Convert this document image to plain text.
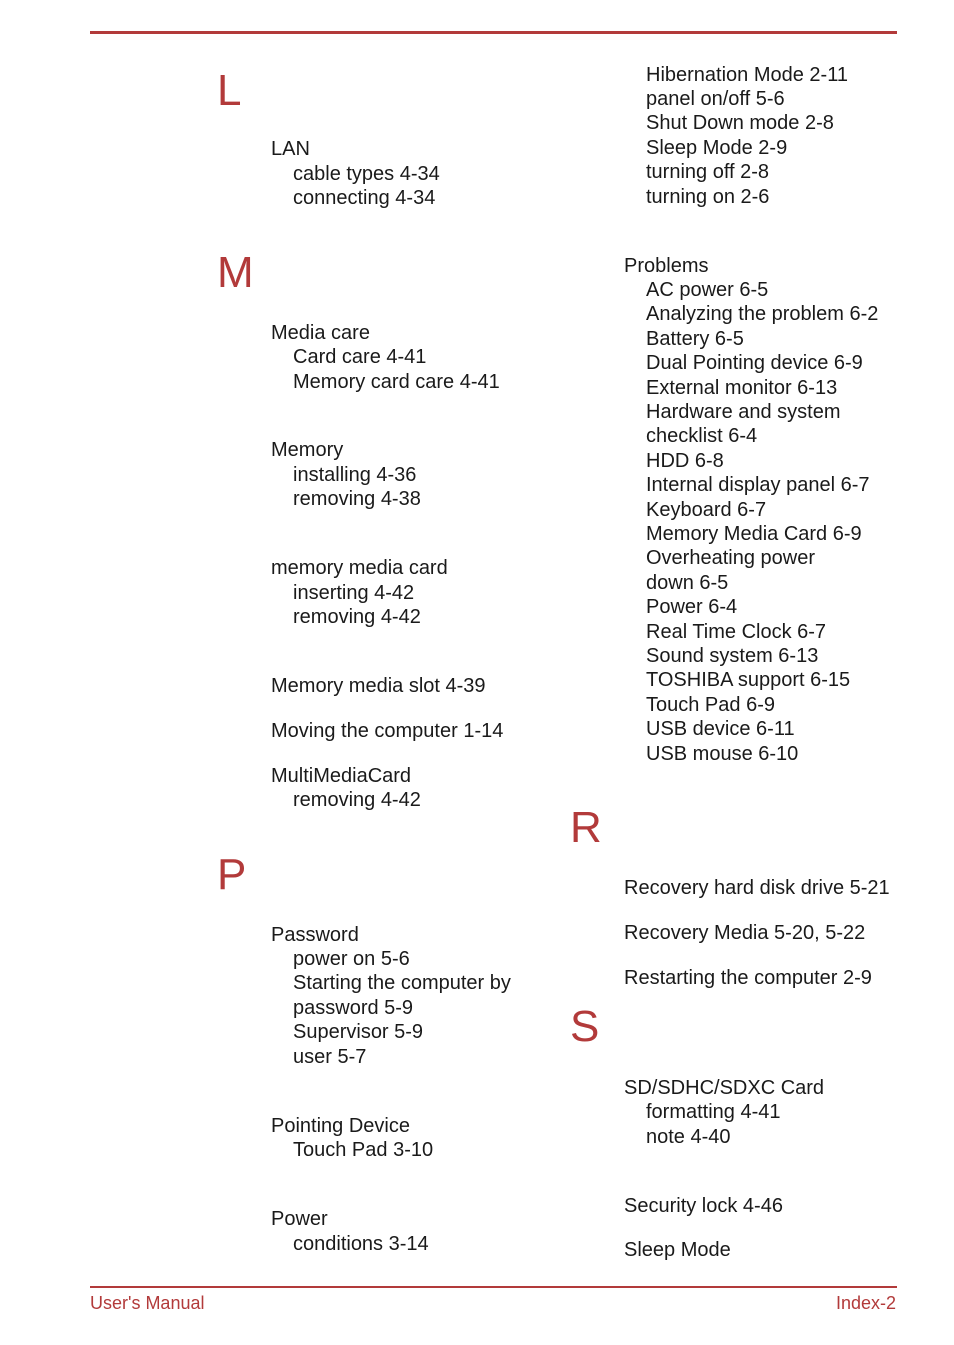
L
M
P
R
S
LAN
cable types 4-34
connecting 4-34
Media care
Card care 4-41
Memory card care 4-41
Memory
installing 4-36
removing 4-38
memory media card
inserting 4-42
removing 4-42
Memory media slot 4-39
Moving the computer 1-14
MultiMediaCard
removing 4-42
Password
power on 5-6
Starting the computer by
password 5-9
Supervisor 5-9
user 5-7
Pointing Device
Touch Pad 3-10
Power
conditions 3-14
Hibernation Mode 2-11
panel on/off 5-6
Shut Down mode 2-8
Sleep Mode 2-9
turning off 2-8
turning on 2-6
Problems
AC power 6-5
Analyzing the problem 6-2
Battery 6-5
Dual Pointing device 6-9
External monitor 6-13
Hardware and system
checklist 6-4
HDD 6-8
Internal display panel 6-7
Keyboard 6-7
Memory Media Card 6-9
Overheating power
down 6-5
Power 6-4
Real Time Clock 6-7
Sound system 6-13
TOSHIBA support 6-15
Touch Pad 6-9
USB device 6-11
USB mouse 6-10
Recovery hard disk drive 5-21
Recovery Media 5-20, 5-22
Restarting the computer 2-9
SD/SDHC/SDXC Card
formatting 4-41
note 4-40
Security lock 4-46
Sleep Mode
User's Manual	Index-2
